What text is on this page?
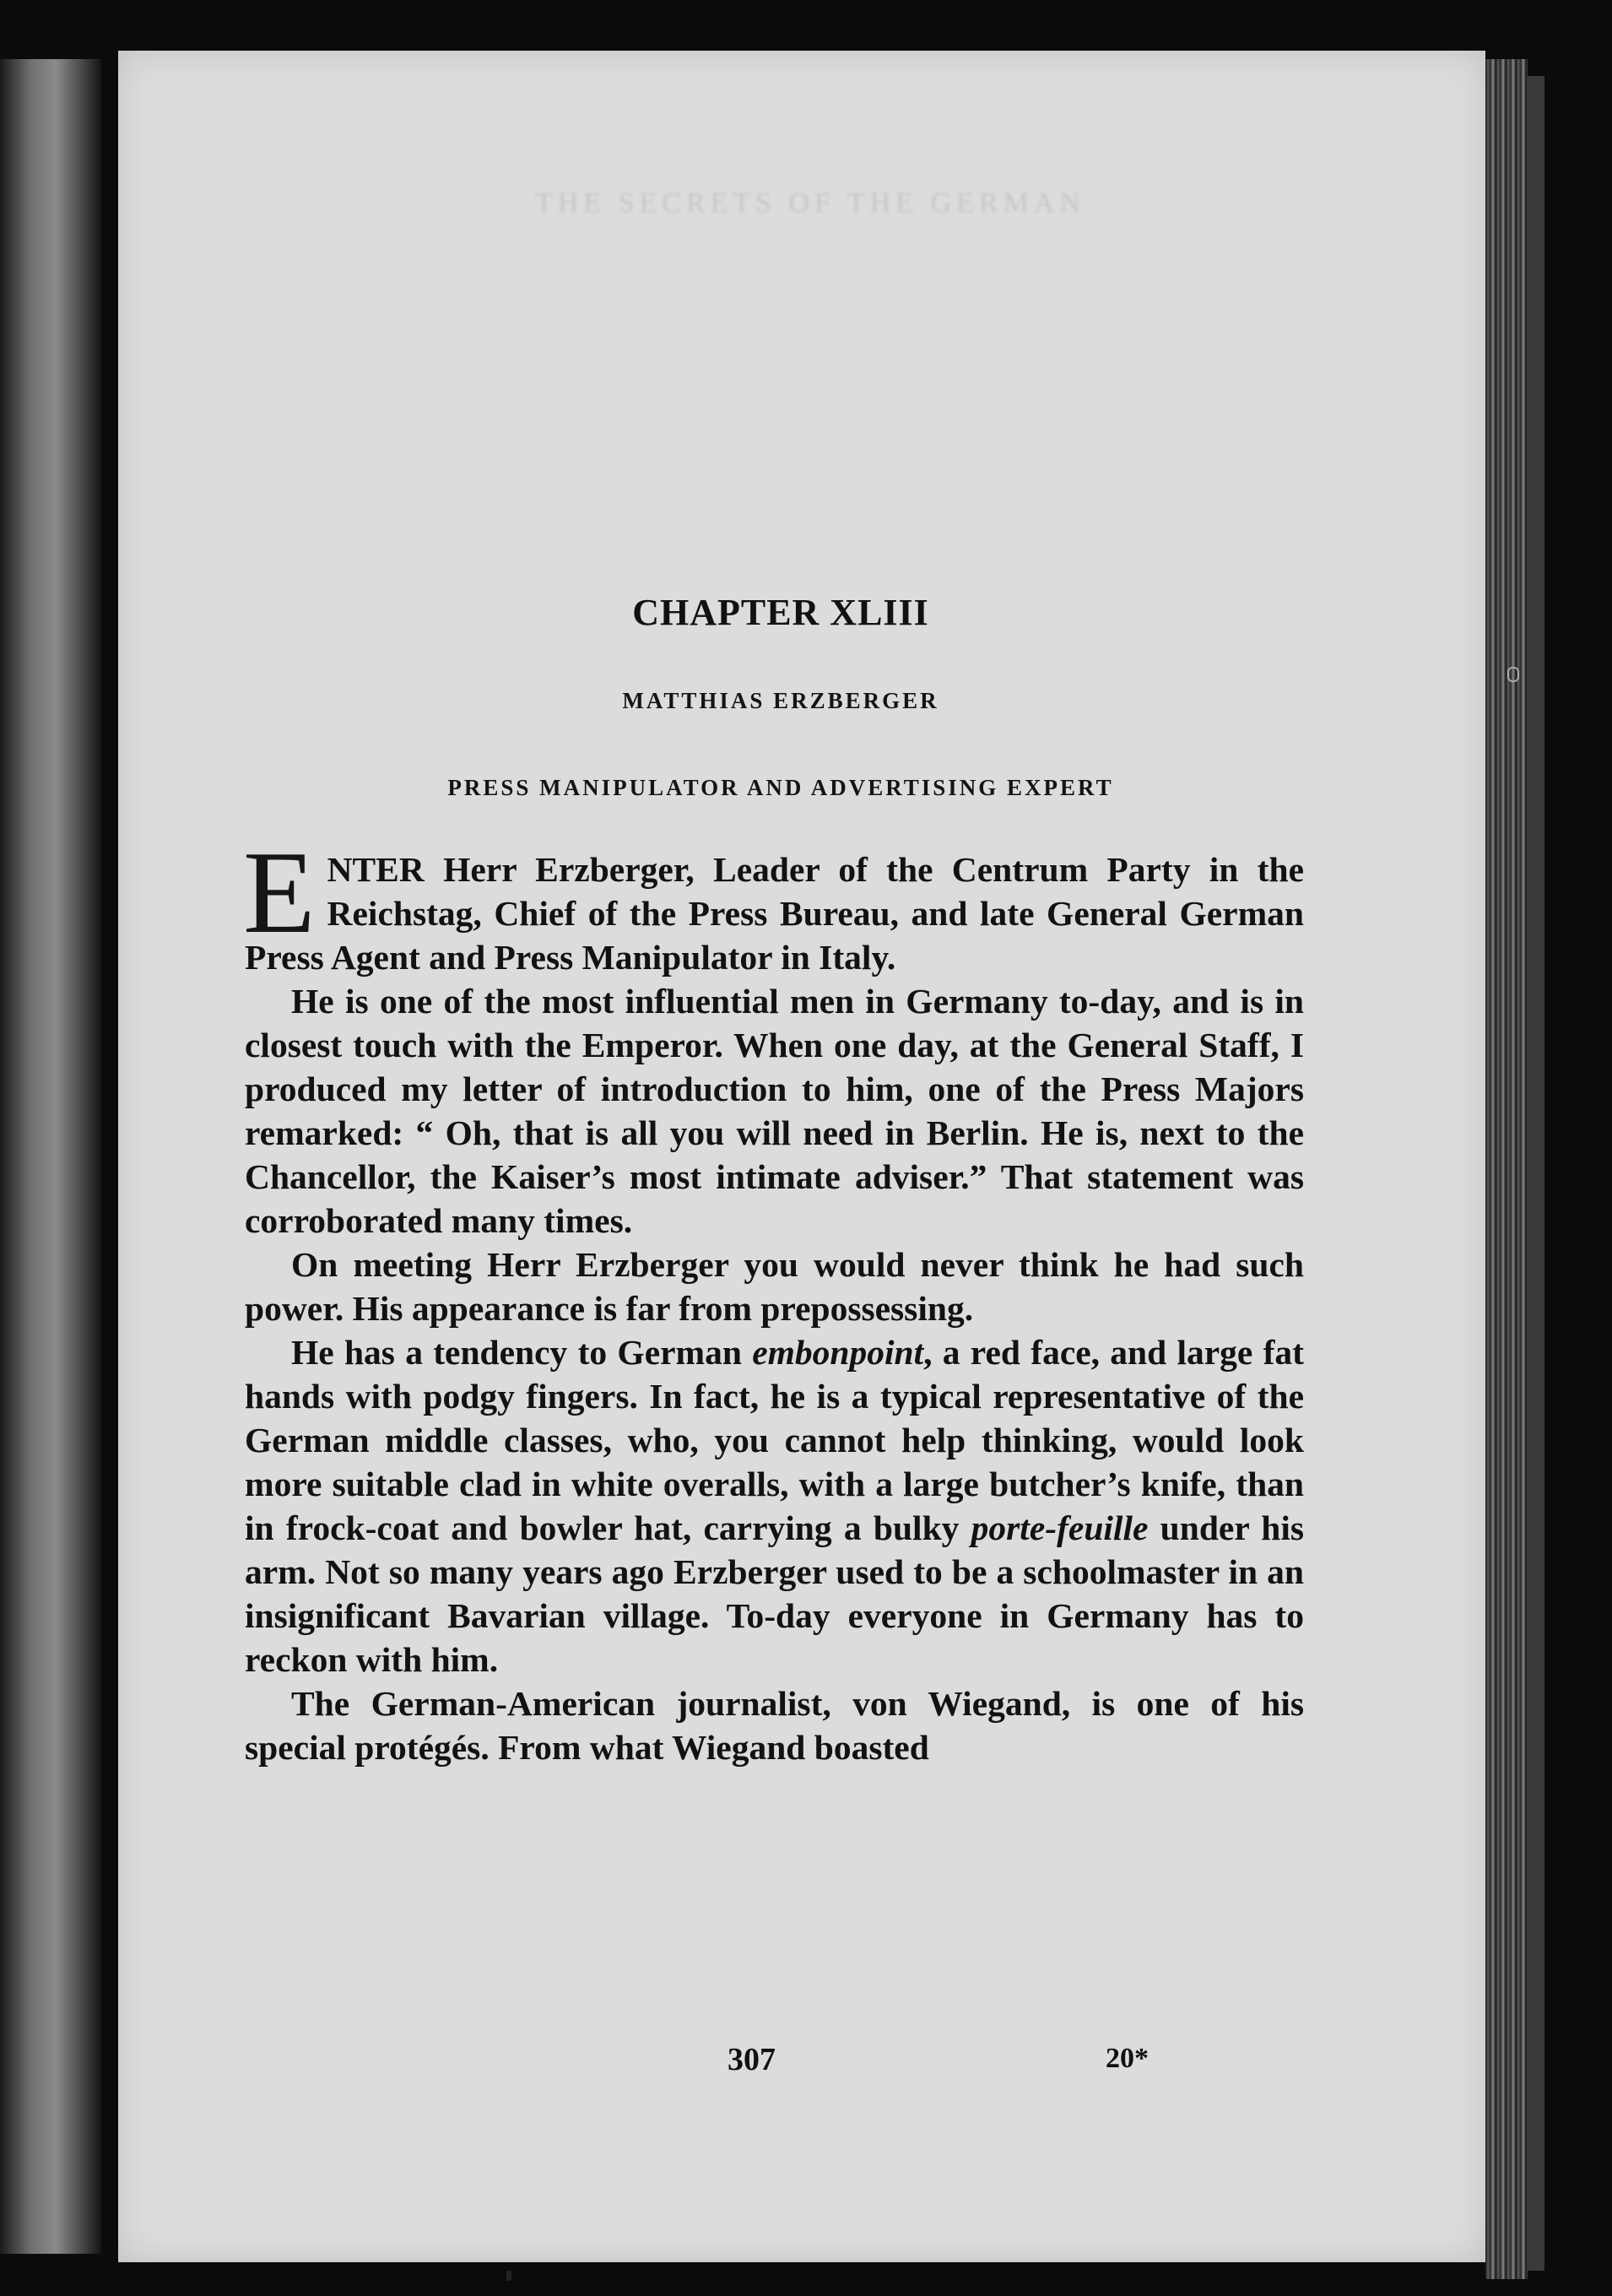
THE SECRETS OF THE GERMAN
CHAPTER XLIII
MATTHIAS ERZBERGER
PRESS MANIPULATOR AND ADVERTISING EXPERT

ENTER Herr Erzberger, Leader of the Centrum Party in the Reichstag, Chief of the Press Bureau, and late General German Press Agent and Press Manipulator in Italy.

He is one of the most influential men in Germany to-day, and is in closest touch with the Emperor. When one day, at the General Staff, I produced my letter of introduction to him, one of the Press Majors remarked: “ Oh, that is all you will need in Berlin. He is, next to the Chancellor, the Kaiser’s most intimate adviser.” That statement was corroborated many times.

On meeting Herr Erzberger you would never think he had such power. His appearance is far from prepossessing.

He has a tendency to German embonpoint, a red face, and large fat hands with podgy fingers. In fact, he is a typical representative of the German middle classes, who, you cannot help thinking, would look more suitable clad in white overalls, with a large butcher’s knife, than in frock-coat and bowler hat, carrying a bulky porte-feuille under his arm. Not so many years ago Erzberger used to be a schoolmaster in an insignificant Bavarian village. To-day everyone in Germany has to reckon with him.

The German-American journalist, von Wiegand, is one of his special protégés. From what Wiegand boasted

307	20*
